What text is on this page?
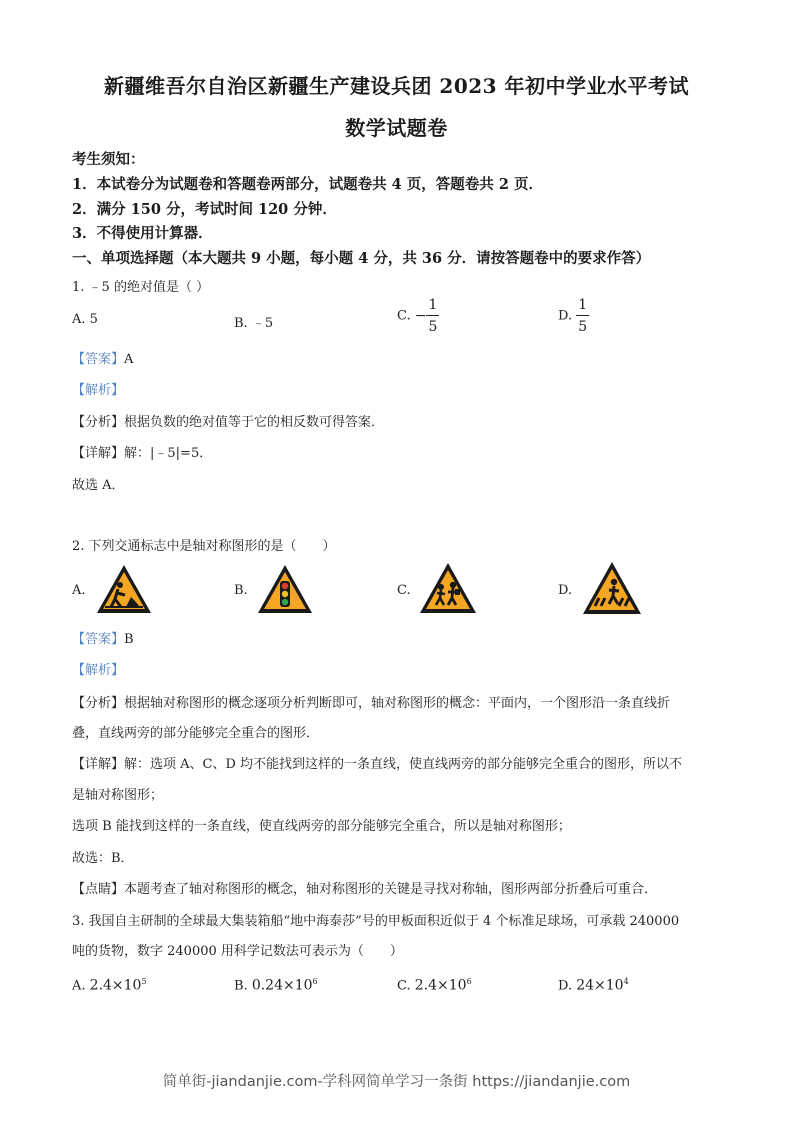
新疆维吾尔自治区新疆生产建设兵团 2023 年初中学业水平考试
数学试题卷
考生须知：
1．本试卷分为试题卷和答题卷两部分，试题卷共 4 页，答题卷共 2 页．
2．满分 150 分，考试时间 120 分钟．
3．不得使用计算器．
一、单项选择题（本大题共 9 小题，每小题 4 分，共 36 分．请按答题卷中的要求作答）
1. ﹣5 的绝对值是（ ）
A. 5	B. ﹣5	C. − $\frac{1}{5}$	D. $\frac{1}{5}$
【答案】A
【解析】
【分析】根据负数的绝对值等于它的相反数可得答案．
【详解】解：|﹣5|=5．
故选 A．
2. 下列交通标志中是轴对称图形的是（　　）
A.	B.	C.	D.
【答案】B
【解析】
【分析】根据轴对称图形的概念逐项分析判断即可，轴对称图形的概念：平面内，一个图形沿一条直线折
叠，直线两旁的部分能够完全重合的图形．
【详解】解：选项 A、C、D 均不能找到这样的一条直线，使直线两旁的部分能够完全重合的图形，所以不
是轴对称图形；
选项 B 能找到这样的一条直线，使直线两旁的部分能够完全重合，所以是轴对称图形；
故选：B．
【点睛】本题考查了轴对称图形的概念，轴对称图形的关键是寻找对称轴，图形两部分折叠后可重合．
3. 我国自主研制的全球最大集装箱船“地中海泰莎”号的甲板面积近似于 4 个标准足球场，可承载 240000
吨的货物，数字 240000 用科学记数法可表示为（　　）
A. $2.4\times 10^5$	B. $0.24\times 10^6$	C. $2.4\times 10^6$	D. $24\times 10^4$
简单街-jiandanjie.com-学科网简单学习一条街 https://jiandanjie.com
